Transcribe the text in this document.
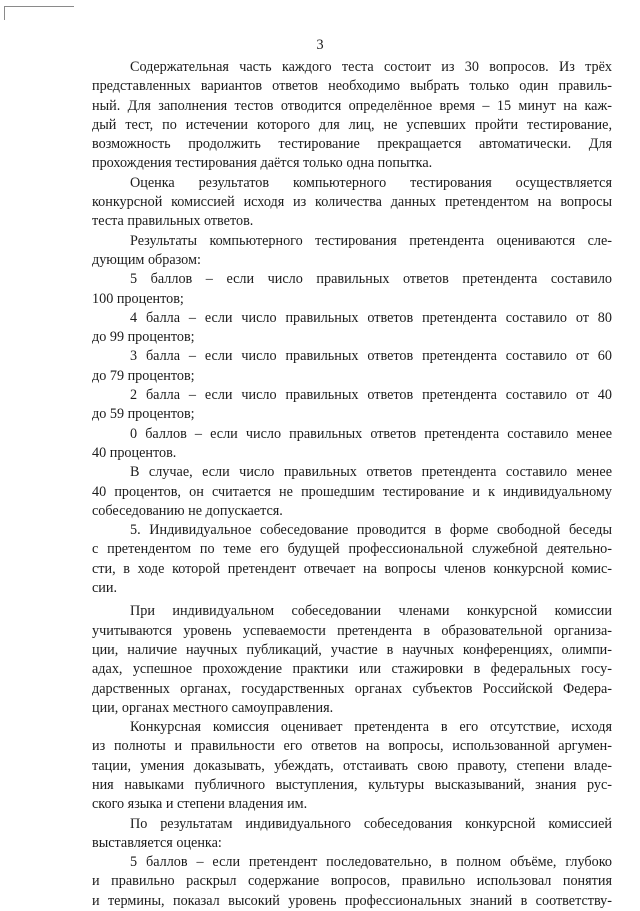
3
Содержательная часть каждого теста состоит из 30 вопросов. Из трёх
представленных вариантов ответов необходимо выбрать только один правиль-
ный. Для заполнения тестов отводится определённое время – 15 минут на каж-
дый тест, по истечении которого для лиц, не успевших пройти тестирование,
возможность продолжить тестирование прекращается автоматически. Для
прохождения тестирования даётся только одна попытка.
Оценка результатов компьютерного тестирования осуществляется
конкурсной комиссией исходя из количества данных претендентом на вопросы
теста правильных ответов.
Результаты компьютерного тестирования претендента оцениваются сле-
дующим образом:
5 баллов – если число правильных ответов претендента составило
100 процентов;
4 балла – если число правильных ответов претендента составило от 80
до 99 процентов;
3 балла – если число правильных ответов претендента составило от 60
до 79 процентов;
2 балла – если число правильных ответов претендента составило от 40
до 59 процентов;
0 баллов – если число правильных ответов претендента составило менее
40 процентов.
В случае, если число правильных ответов претендента составило менее
40 процентов, он считается не прошедшим тестирование и к индивидуальному
собеседованию не допускается.
5. Индивидуальное собеседование проводится в форме свободной беседы
с претендентом по теме его будущей профессиональной служебной деятельно-
сти, в ходе которой претендент отвечает на вопросы членов конкурсной комис-
сии.
При индивидуальном собеседовании членами конкурсной комиссии
учитываются уровень успеваемости претендента в образовательной организа-
ции, наличие научных публикаций, участие в научных конференциях, олимпи-
адах, успешное прохождение практики или стажировки в федеральных госу-
дарственных органах, государственных органах субъектов Российской Федера-
ции, органах местного самоуправления.
Конкурсная комиссия оценивает претендента в его отсутствие, исходя
из полноты и правильности его ответов на вопросы, использованной аргумен-
тации, умения доказывать, убеждать, отстаивать свою правоту, степени владе-
ния навыками публичного выступления, культуры высказываний, знания рус-
ского языка и степени владения им.
По результатам индивидуального собеседования конкурсной комиссией
выставляется оценка:
5 баллов – если претендент последовательно, в полном объёме, глубоко
и правильно раскрыл содержание вопросов, правильно использовал понятия
и термины, показал высокий уровень профессиональных знаний в соответству-
